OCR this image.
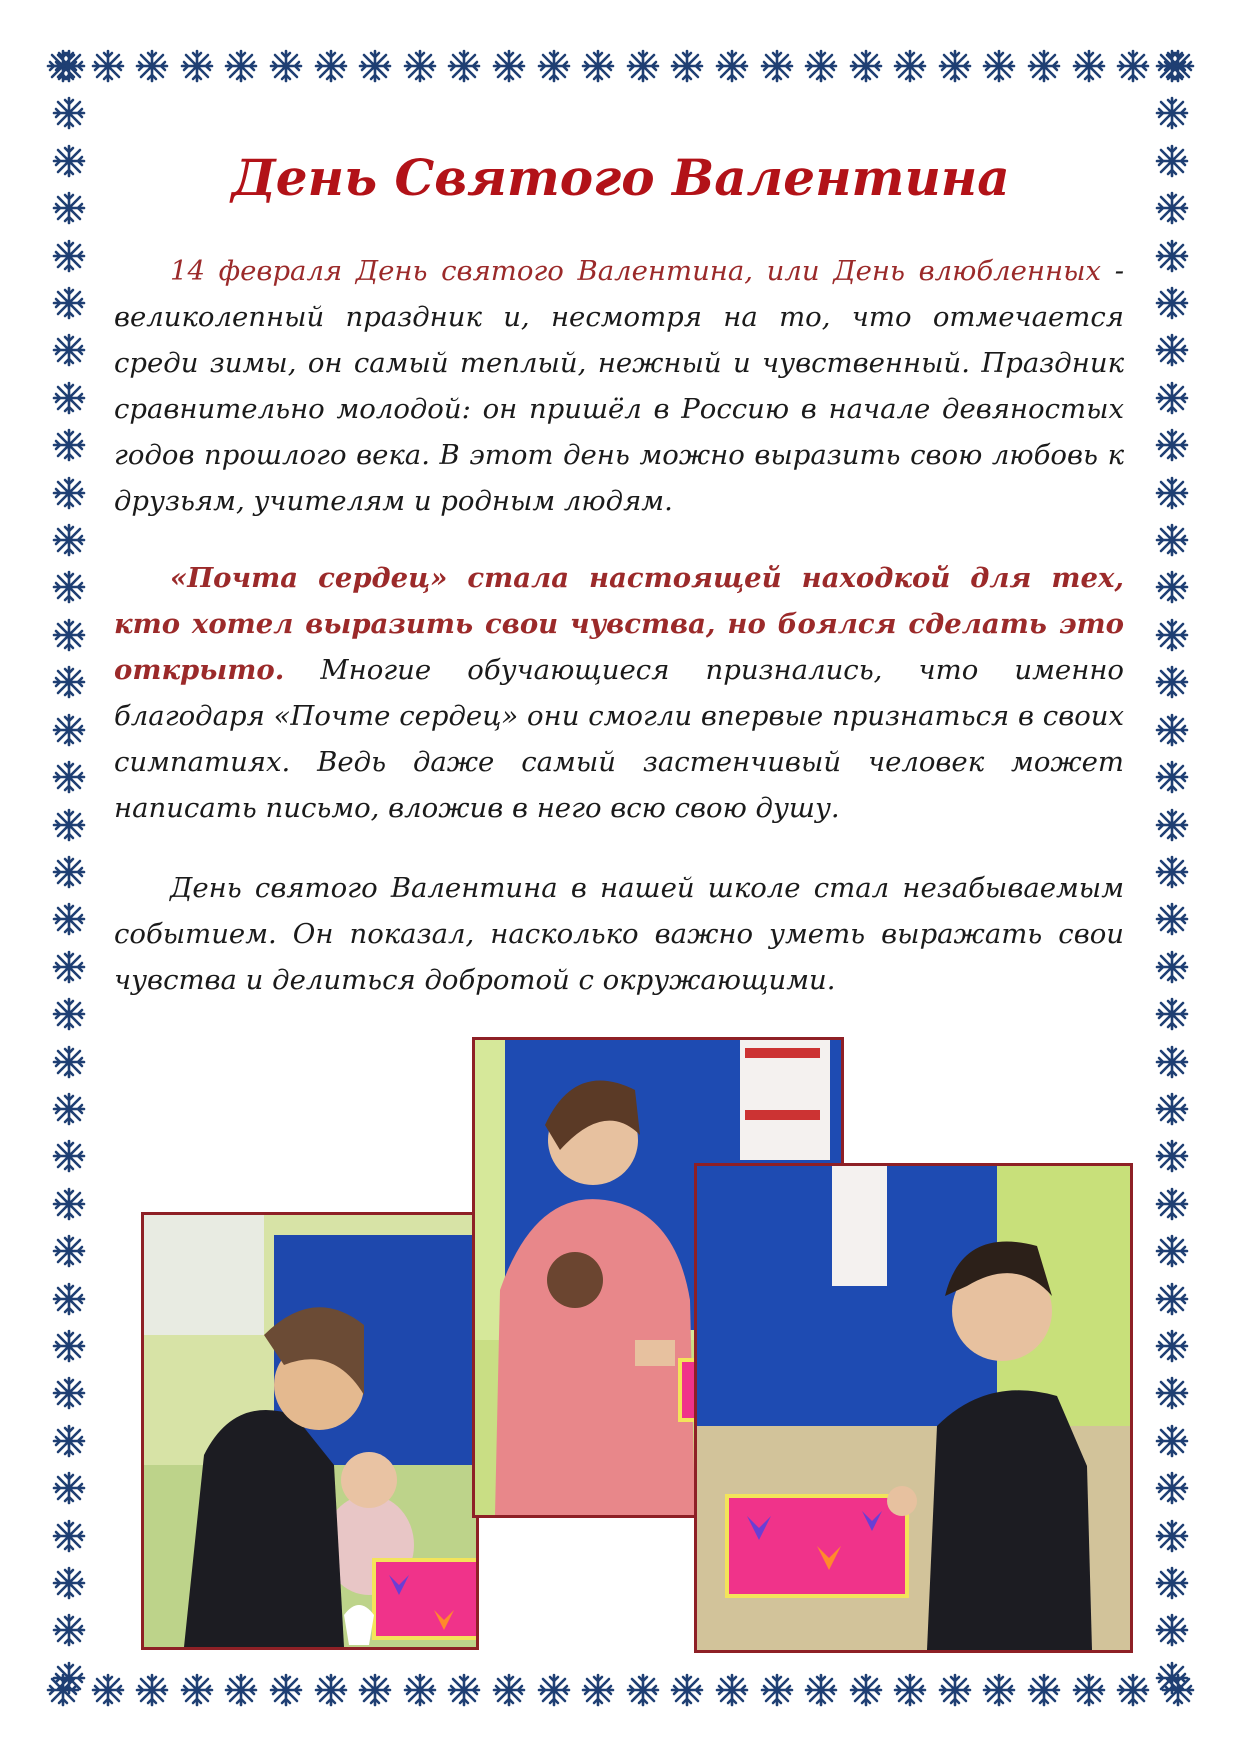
День Святого Валентина

14 февраля День святого Валентина, или День влюбленных - великолепный праздник и, несмотря на то, что отмечается среди зимы, он самый теплый, нежный и чувственный. Праздник сравнительно молодой: он пришёл в Россию в начале девяностых годов прошлого века. В этот день можно выразить свою любовь к друзьям, учителям и родным людям.

«Почта сердец» стала настоящей находкой для тех, кто хотел выразить свои чувства, но боялся сделать это открыто. Многие обучающиеся признались, что именно благодаря «Почте сердец» они смогли впервые признаться в своих симпатиях. Ведь даже самый застенчивый человек может написать письмо, вложив в него всю свою душу.

День святого Валентина в нашей школе стал незабываемым событием. Он показал, насколько важно уметь выражать свои чувства и делиться добротой с окружающими.
